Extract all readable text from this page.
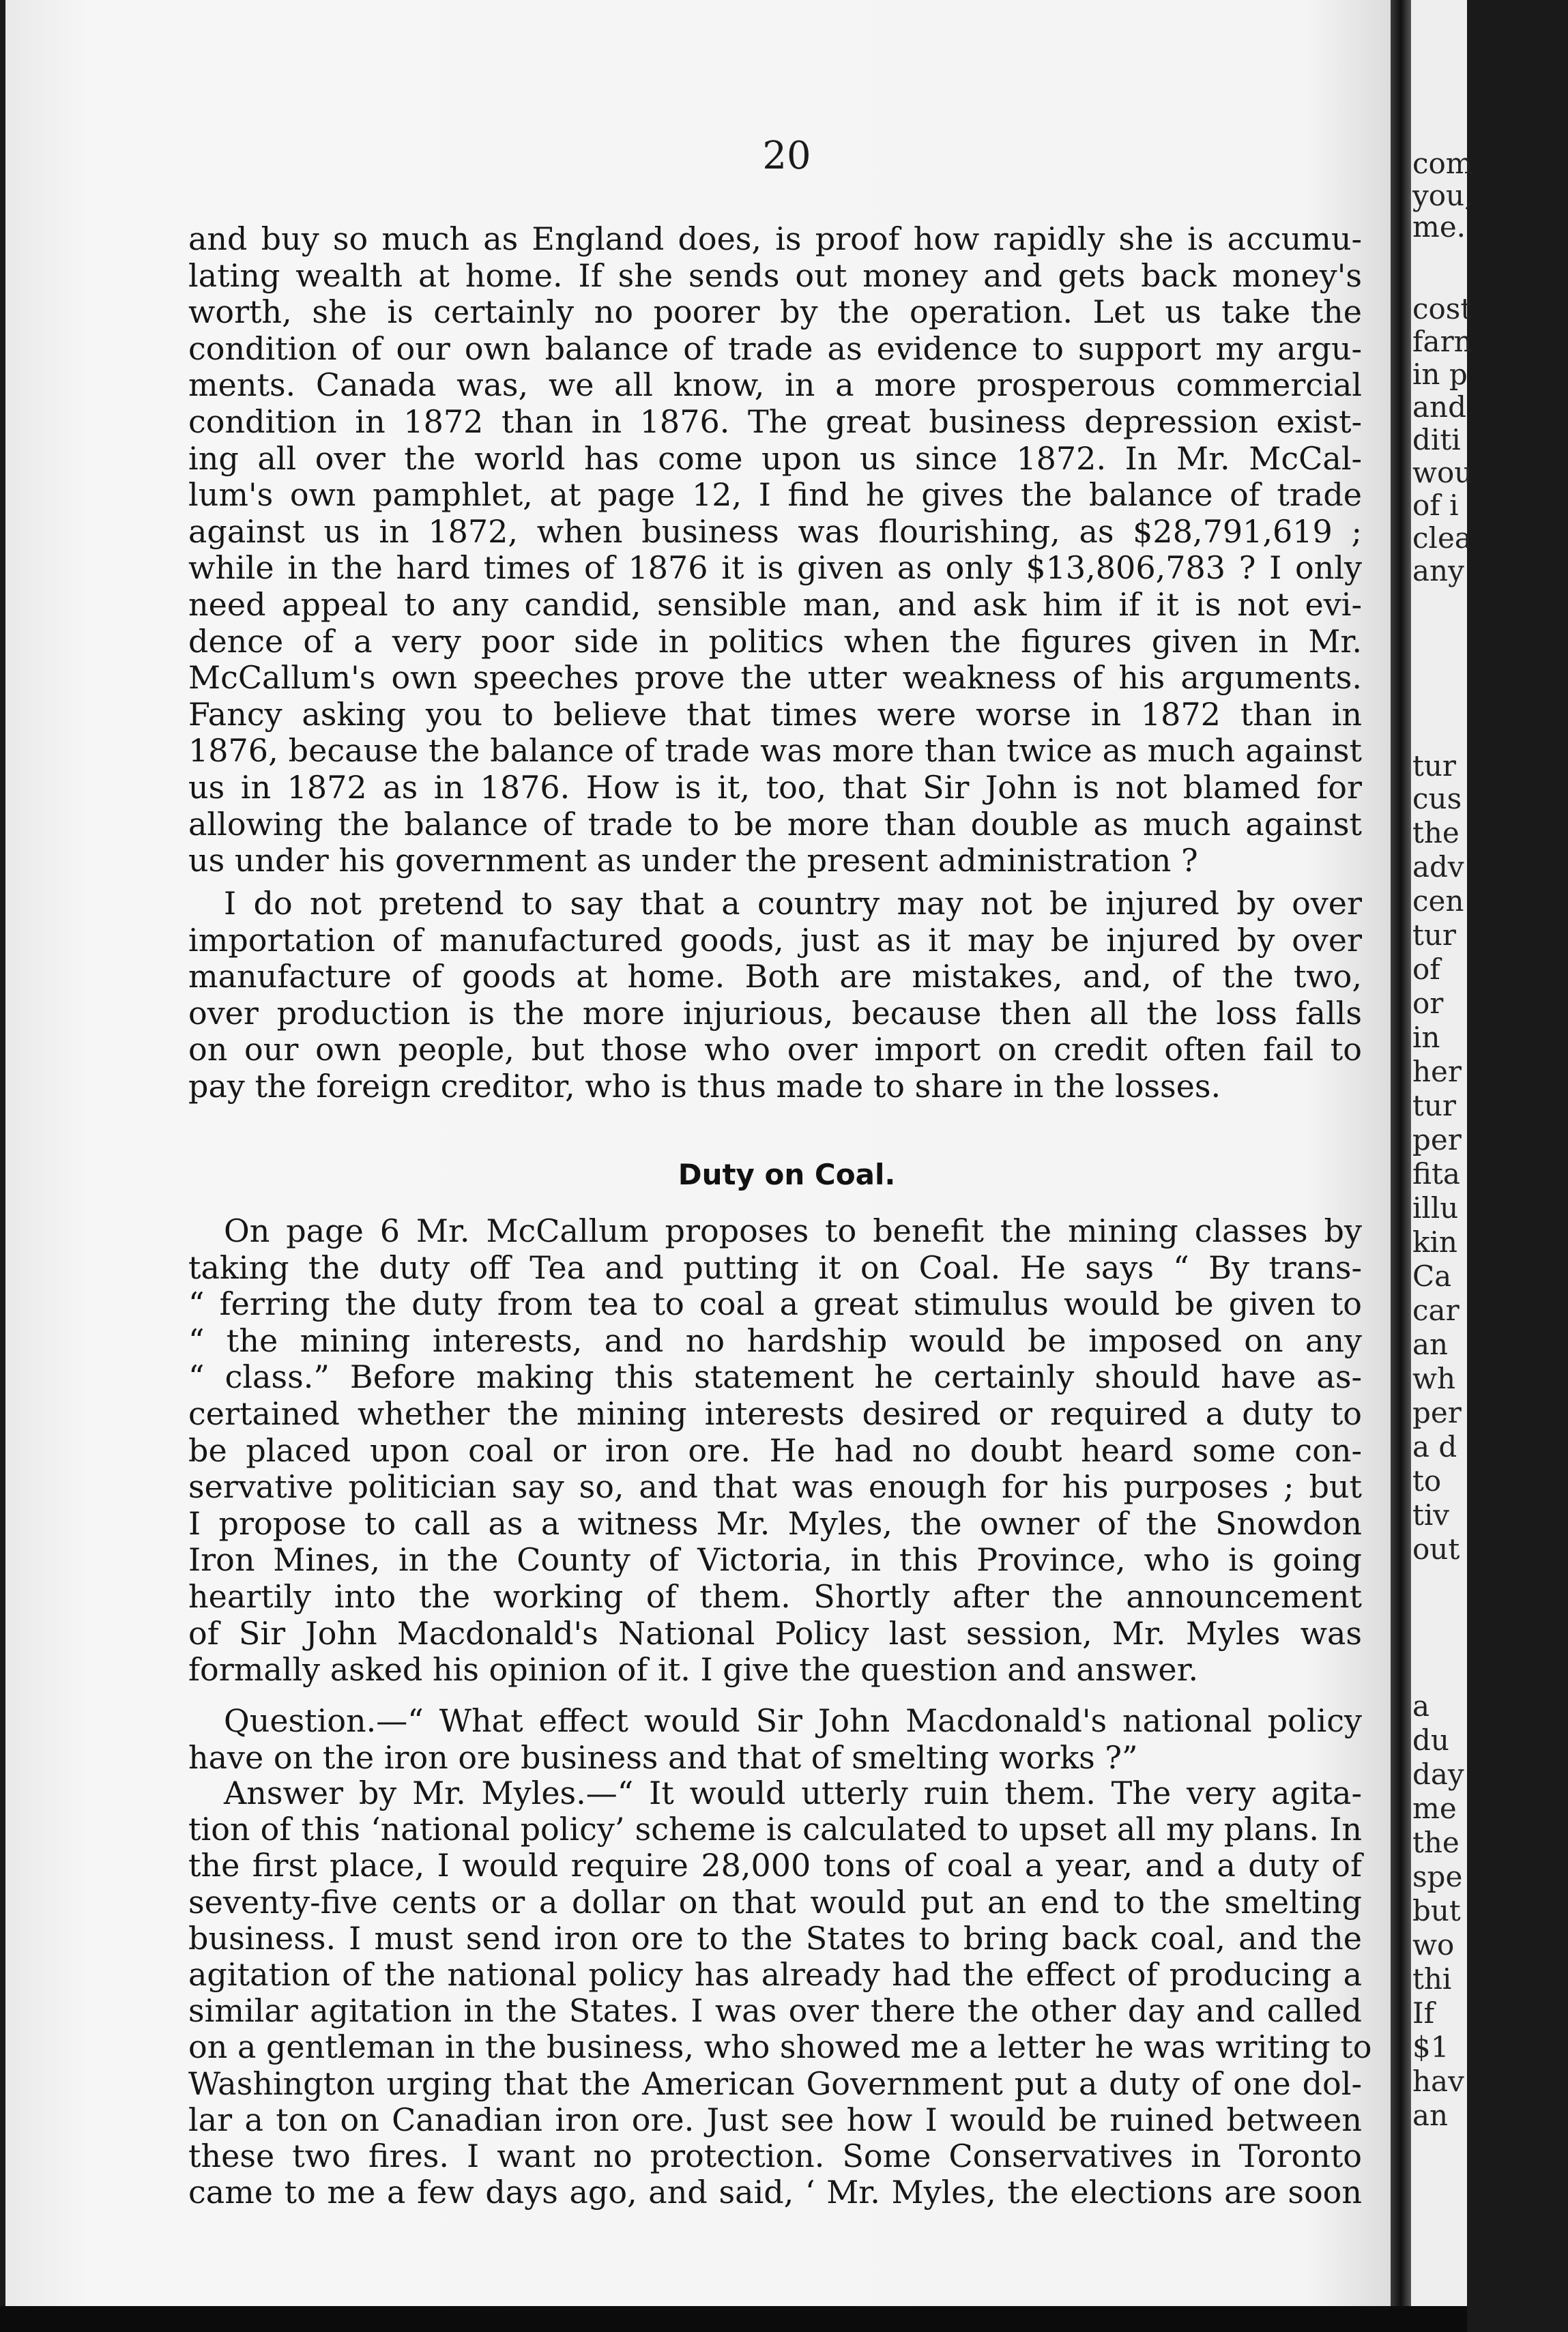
20
and buy so much as England does, is proof how rapidly she is accumu-
lating wealth at home. If she sends out money and gets back money's
worth, she is certainly no poorer by the operation. Let us take the
condition of our own balance of trade as evidence to support my argu-
ments. Canada was, we all know, in a more prosperous commercial
condition in 1872 than in 1876. The great business depression exist-
ing all over the world has come upon us since 1872. In Mr. McCal-
lum's own pamphlet, at page 12, I find he gives the balance of trade
against us in 1872, when business was flourishing, as $28,791,619 ;
while in the hard times of 1876 it is given as only $13,806,783 ? I only
need appeal to any candid, sensible man, and ask him if it is not evi-
dence of a very poor side in politics when the figures given in Mr.
McCallum's own speeches prove the utter weakness of his arguments.
Fancy asking you to believe that times were worse in 1872 than in
1876, because the balance of trade was more than twice as much against
us in 1872 as in 1876. How is it, too, that Sir John is not blamed for
allowing the balance of trade to be more than double as much against
us under his government as under the present administration ?
I do not pretend to say that a country may not be injured by over
importation of manufactured goods, just as it may be injured by over
manufacture of goods at home. Both are mistakes, and, of the two,
over production is the more injurious, because then all the loss falls
on our own people, but those who over import on credit often fail to
pay the foreign creditor, who is thus made to share in the losses.
On page 6 Mr. McCallum proposes to benefit the mining classes by
taking the duty off Tea and putting it on Coal. He says “ By trans-
“ ferring the duty from tea to coal a great stimulus would be given to
“ the mining interests, and no hardship would be imposed on any
“ class.” Before making this statement he certainly should have as-
certained whether the mining interests desired or required a duty to
be placed upon coal or iron ore. He had no doubt heard some con-
servative politician say so, and that was enough for his purposes ; but
I propose to call as a witness Mr. Myles, the owner of the Snowdon
Iron Mines, in the County of Victoria, in this Province, who is going
heartily into the working of them. Shortly after the announcement
of Sir John Macdonald's National Policy last session, Mr. Myles was
formally asked his opinion of it. I give the question and answer.
Question.—“ What effect would Sir John Macdonald's national policy
have on the iron ore business and that of smelting works ?”
Answer by Mr. Myles.—“ It would utterly ruin them. The very agita-
tion of this ‘national policy’ scheme is calculated to upset all my plans. In
the first place, I would require 28,000 tons of coal a year, and a duty of
seventy-five cents or a dollar on that would put an end to the smelting
business. I must send iron ore to the States to bring back coal, and the
agitation of the national policy has already had the effect of producing a
similar agitation in the States. I was over there the other day and called
on a gentleman in the business, who showed me a letter he was writing to
Washington urging that the American Government put a duty of one dol-
lar a ton on Canadian iron ore. Just see how I would be ruined between
these two fires. I want no protection. Some Conservatives in Toronto
came to me a few days ago, and said, ‘ Mr. Myles, the elections are soon
Duty on Coal.
com
you,
me.
cost
farn
in p
and
diti
wou
of i
clea
any
tur
cus
the
adv
cen
tur
of
or
in
her
tur
per
fita
illu
kin
Ca
car
an
wh
per
a d
to
tiv
out
a
du
day
me
the
spe
but
wo
thi
If
$1
hav
an
